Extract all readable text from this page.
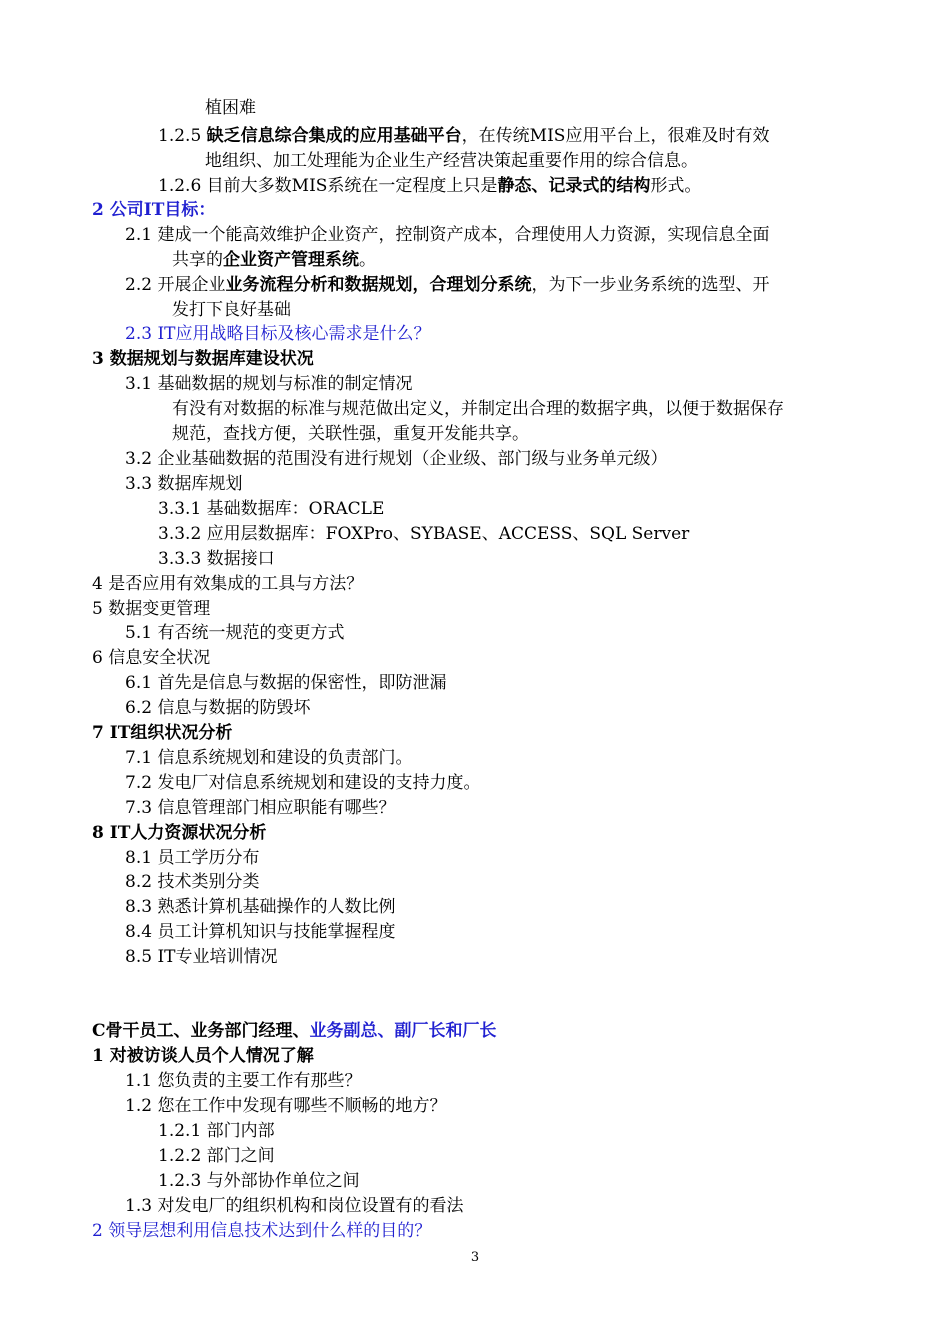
植困难
1.2.5 缺乏信息综合集成的应用基础平台，在传统MIS应用平台上，很难及时有效
地组织、加工处理能为企业生产经营决策起重要作用的综合信息。
1.2.6 目前大多数MIS系统在一定程度上只是静态、记录式的结构形式。
2 公司IT目标：
2.1 建成一个能高效维护企业资产，控制资产成本，合理使用人力资源，实现信息全面
共享的企业资产管理系统。
2.2 开展企业业务流程分析和数据规划，合理划分系统，为下一步业务系统的选型、开
发打下良好基础
2.3 IT应用战略目标及核心需求是什么？
3 数据规划与数据库建设状况
3.1 基础数据的规划与标准的制定情况
有没有对数据的标准与规范做出定义，并制定出合理的数据字典，以便于数据保存
规范，查找方便，关联性强，重复开发能共享。
3.2 企业基础数据的范围没有进行规划（企业级、部门级与业务单元级）
3.3 数据库规划
3.3.1 基础数据库：ORACLE
3.3.2 应用层数据库：FOXPro、SYBASE、ACCESS、SQL Server
3.3.3 数据接口
4 是否应用有效集成的工具与方法？
5 数据变更管理
5.1 有否统一规范的变更方式
6 信息安全状况
6.1 首先是信息与数据的保密性，即防泄漏
6.2 信息与数据的防毁坏
7 IT组织状况分析
7.1 信息系统规划和建设的负责部门。
7.2 发电厂对信息系统规划和建设的支持力度。
7.3 信息管理部门相应职能有哪些？
8 IT人力资源状况分析
8.1 员工学历分布
8.2 技术类别分类
8.3 熟悉计算机基础操作的人数比例
8.4 员工计算机知识与技能掌握程度
8.5 IT专业培训情况
C骨干员工、业务部门经理、业务副总、副厂长和厂长
1 对被访谈人员个人情况了解
1.1 您负责的主要工作有那些？
1.2 您在工作中发现有哪些不顺畅的地方？
1.2.1 部门内部
1.2.2 部门之间
1.2.3 与外部协作单位之间
1.3 对发电厂的组织机构和岗位设置有的看法
2 领导层想利用信息技术达到什么样的目的？
3
